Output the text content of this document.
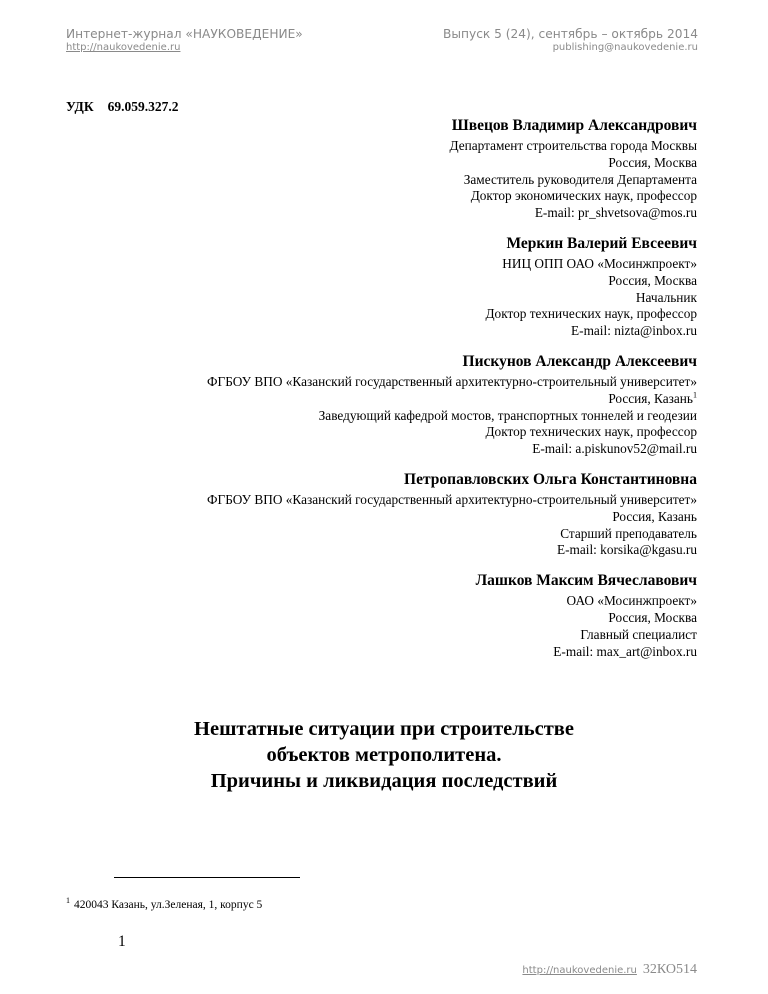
Интернет-журнал «НАУКОВЕДЕНИЕ»
http://naukovedenie.ru
Выпуск 5 (24), сентябрь – октябрь 2014
publishing@naukovedenie.ru
УДК 69.059.327.2
Швецов Владимир Александрович
Департамент строительства города Москвы
Россия, Москва
Заместитель руководителя Департамента
Доктор экономических наук, профессор
E-mail: pr_shvetsova@mos.ru
Меркин Валерий Евсеевич
НИЦ ОПП ОАО «Мосинжпроект»
Россия, Москва
Начальник
Доктор технических наук, профессор
E-mail: nizta@inbox.ru
Пискунов Александр Алексеевич
ФГБОУ ВПО «Казанский государственный архитектурно-строительный университет»
Россия, Казань$^1$
Заведующий кафедрой мостов, транспортных тоннелей и геодезии
Доктор технических наук, профессор
E-mail: a.piskunov52@mail.ru
Петропавловских Ольга Константиновна
ФГБОУ ВПО «Казанский государственный архитектурно-строительный университет»
Россия, Казань
Старший преподаватель
E-mail: korsika@kgasu.ru
Лашков Максим Вячеславович
ОАО «Мосинжпроект»
Россия, Москва
Главный специалист
E-mail: max_art@inbox.ru
Нештатные ситуации при строительстве
объектов метрополитена.
Причины и ликвидация последствий
$^1$ 420043 Казань, ул.Зеленая, 1, корпус 5
1
http://naukovedenie.ru 32КО514
